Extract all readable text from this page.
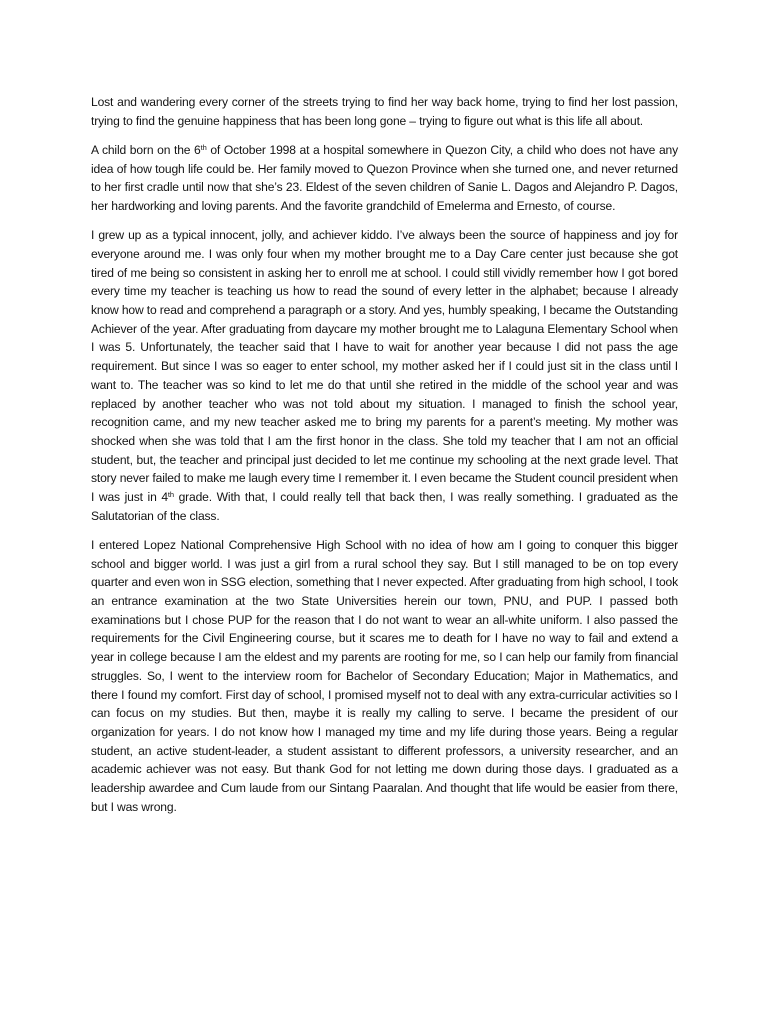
Lost and wandering every corner of the streets trying to find her way back home, trying to find her lost passion, trying to find the genuine happiness that has been long gone – trying to figure out what is this life all about.

A child born on the 6th of October 1998 at a hospital somewhere in Quezon City, a child who does not have any idea of how tough life could be. Her family moved to Quezon Province when she turned one, and never returned to her first cradle until now that she’s 23. Eldest of the seven children of Sanie L. Dagos and Alejandro P. Dagos, her hardworking and loving parents. And the favorite grandchild of Emelerma and Ernesto, of course.

I grew up as a typical innocent, jolly, and achiever kiddo. I’ve always been the source of happiness and joy for everyone around me. I was only four when my mother brought me to a Day Care center just because she got tired of me being so consistent in asking her to enroll me at school. I could still vividly remember how I got bored every time my teacher is teaching us how to read the sound of every letter in the alphabet; because I already know how to read and comprehend a paragraph or a story. And yes, humbly speaking, I became the Outstanding Achiever of the year. After graduating from daycare my mother brought me to Lalaguna Elementary School when I was 5. Unfortunately, the teacher said that I have to wait for another year because I did not pass the age requirement. But since I was so eager to enter school, my mother asked her if I could just sit in the class until I want to. The teacher was so kind to let me do that until she retired in the middle of the school year and was replaced by another teacher who was not told about my situation. I managed to finish the school year, recognition came, and my new teacher asked me to bring my parents for a parent’s meeting. My mother was shocked when she was told that I am the first honor in the class. She told my teacher that I am not an official student, but, the teacher and principal just decided to let me continue my schooling at the next grade level. That story never failed to make me laugh every time I remember it. I even became the Student council president when I was just in 4th grade. With that, I could really tell that back then, I was really something. I graduated as the Salutatorian of the class.

I entered Lopez National Comprehensive High School with no idea of how am I going to conquer this bigger school and bigger world. I was just a girl from a rural school they say. But I still managed to be on top every quarter and even won in SSG election, something that I never expected. After graduating from high school, I took an entrance examination at the two State Universities herein our town, PNU, and PUP. I passed both examinations but I chose PUP for the reason that I do not want to wear an all-white uniform. I also passed the requirements for the Civil Engineering course, but it scares me to death for I have no way to fail and extend a year in college because I am the eldest and my parents are rooting for me, so I can help our family from financial struggles. So, I went to the interview room for Bachelor of Secondary Education; Major in Mathematics, and there I found my comfort. First day of school, I promised myself not to deal with any extra-curricular activities so I can focus on my studies. But then, maybe it is really my calling to serve. I became the president of our organization for years. I do not know how I managed my time and my life during those years. Being a regular student, an active student-leader, a student assistant to different professors, a university researcher, and an academic achiever was not easy. But thank God for not letting me down during those days. I graduated as a leadership awardee and Cum laude from our Sintang Paaralan. And thought that life would be easier from there, but I was wrong.
